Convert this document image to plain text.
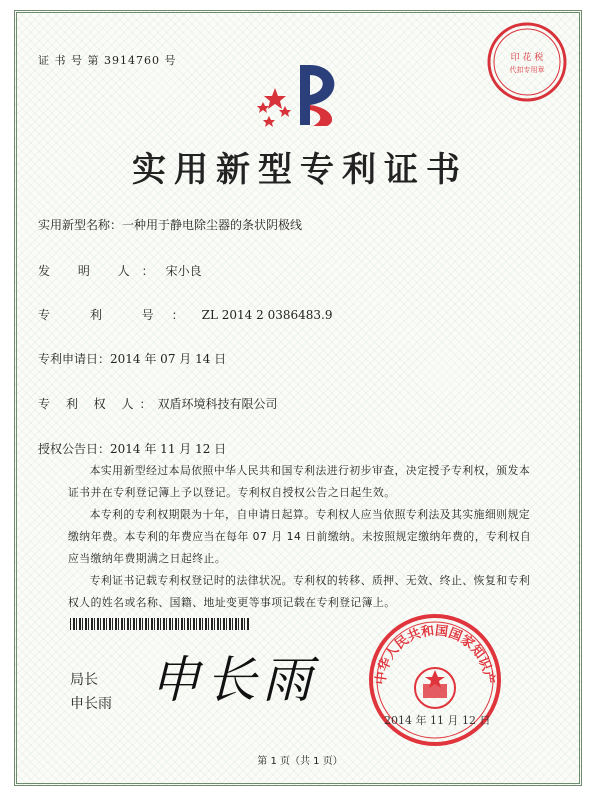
证 书 号 第 3914760 号	印 花 税
代扣专用章
实用新型专利证书
实用新型名称：一种用于静电除尘器的条状阴极线
发 明 人：宋小良
专 利 号：ZL 2014 2 0386483.9
专利申请日：2014 年 07 月 14 日
专 利 权 人：双盾环境科技有限公司
授权公告日：2014 年 11 月 12 日

本实用新型经过本局依照中华人民共和国专利法进行初步审查，决定授予专利权，颁发本证书并在专利登记簿上予以登记。专利权自授权公告之日起生效。

本专利的专利权期限为十年，自申请日起算。专利权人应当依照专利法及其实施细则规定缴纳年费。本专利的年费应当在每年 07 月 14 日前缴纳。未按照规定缴纳年费的，专利权自应当缴纳年费期满之日起终止。

专利证书记载专利权登记时的法律状况。专利权的转移、质押、无效、终止、恢复和专利权人的姓名或名称、国籍、地址变更等事项记载在专利登记簿上。

局长
申长雨 申长雨	中华人民共和国国家知识产
2014 年 11 月 12 日
第 1 页（共 1 页）
